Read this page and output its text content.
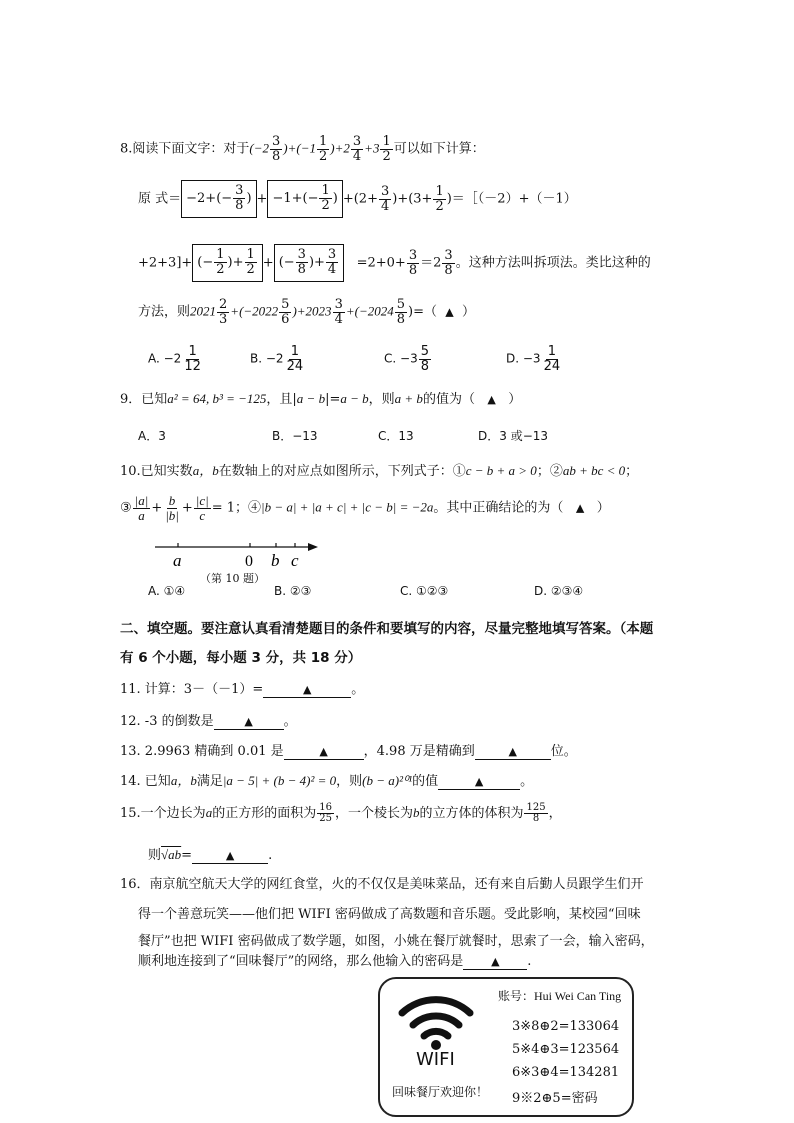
8.阅读下面文字：对于$(-2 \frac{3}{8} )+(-1 \frac{1}{2} )+2 \frac{3}{4} +3 \frac{1}{2}$ 可以如下计算：
原 式＝ $-2+(- \frac{3}{8}$ ) + $-1+(- \frac{1}{2}$ ) $+(2+ \frac{3}{4} )+(3+ \frac{1}{2}$ )＝［（－2）+（－1）
+2+3]+ (− $\frac{1}{2}$ )+ $\frac{1}{2}$ + (− $\frac{3}{8}$ )+ $\frac{3}{4} =2+0+ \frac{3}{8} =2 \frac{3}{8}$ 。这种方法叫拆项法。类比这种的
方法，则$2021 \frac{2}{3} +(-2022 \frac{5}{6} )+2023 \frac{3}{4} +(-2024 \frac{5}{8}$ )=（ ▲ ）
A. $-2 \frac{1}{12}$	B. $-2 \frac{1}{24}$	C. $-3 \frac{5}{8}$	D. $-3 \frac{1}{24}$
9．已知a² = 64, b³ = −125，且|a − b|=a − b，则a + b的值为（ ▲ ）
A．3	B．−13	C．13	D．3 或−13
10.已知实数a，b在数轴上的对应点如图所示，下列式子：①c − b + a > 0；②ab + bc < 0；
③ $\frac{|a|}{a} + \frac{b}{|b|} + \frac{|c|}{c} = 1$；④|b − a| + |a + c| + |c − b| = −2a。其中正确结论的为（ ▲ ）
a	0 b c
（第 10 题）
A. ①④	B. ②③	C. ①②③	D. ②③④
二、填空题。要注意认真看清楚题目的条件和要填写的内容，尽量完整地填写答案。（本题
有 6 个小题，每小题 3 分，共 18 分）
11. 计算：3－（－1）=	▲	。
12. -3 的倒数是	▲ 。
13. 2.9963 精确到 0.01 是	▲	，4.98 万是精确到	▲	位。
14. 已知a，b满足|a − 5| + (b − 4)² = 0，则(b − a)²⁰¹的值	▲	。
15.一个边长为a的正方形的面积为 $\frac{16}{25}$ ，一个棱长为b的立方体的体积为 $\frac{125}{8}$ ，
则√ab=	▲	.
16．南京航空航天大学的网红食堂，火的不仅仅是美味菜品，还有来自后勤人员跟学生们开
得一个善意玩笑——他们把 WIFI 密码做成了高数题和音乐题。受此影响，某校园“回味
餐厅”也把 WIFI 密码做成了数学题，如图，小姚在餐厅就餐时，思索了一会，输入密码，
顺利地连接到了“回味餐厅”的网络，那么他输入的密码是	▲ .
WIFI
回味餐厅欢迎你！
账号：Hui Wei Can Ting
3※8⊕2=133064
5※4⊕3=123564
6※3⊕4=134281
9※2⊕5=密码
